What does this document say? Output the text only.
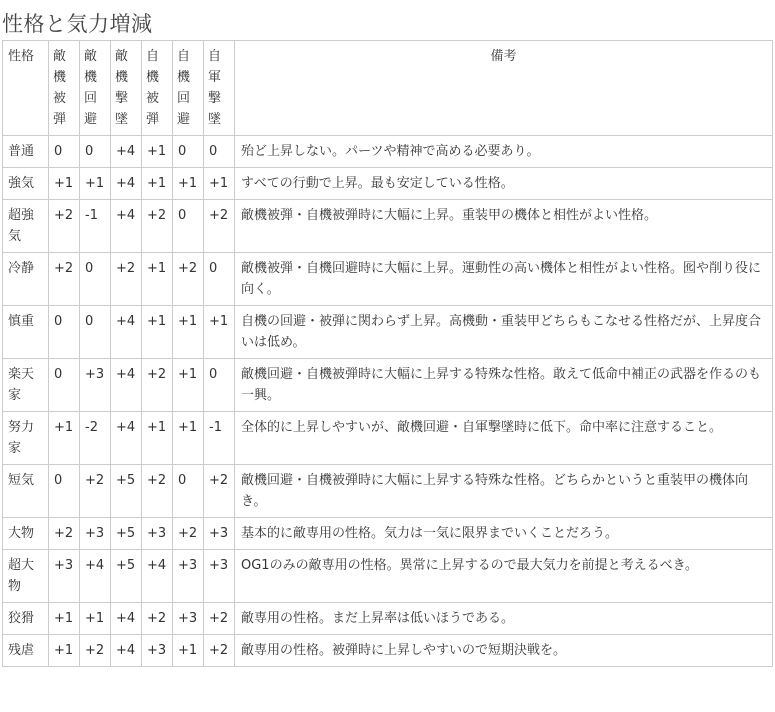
性格と気力増減
性格	敵機被弾	敵機回避	敵機撃墜	自機被弾	自機回避	自軍撃墜	備考
普通	0	0	+4	+1	0	0	殆ど上昇しない。パーツや精神で高める必要あり。
強気	+1	+1	+4	+1	+1	+1	すべての行動で上昇。最も安定している性格。
超強気	+2	-1	+4	+2	0	+2	敵機被弾・自機被弾時に大幅に上昇。重装甲の機体と相性がよい性格。
冷静	+2	0	+2	+1	+2	0	敵機被弾・自機回避時に大幅に上昇。運動性の高い機体と相性がよい性格。囮や削り役に向く。
慎重	0	0	+4	+1	+1	+1	自機の回避・被弾に関わらず上昇。高機動・重装甲どちらもこなせる性格だが、上昇度合いは低め。
楽天家	0	+3	+4	+2	+1	0	敵機回避・自機被弾時に大幅に上昇する特殊な性格。敢えて低命中補正の武器を作るのも一興。
努力家	+1	-2	+4	+1	+1	-1	全体的に上昇しやすいが、敵機回避・自軍撃墜時に低下。命中率に注意すること。
短気	0	+2	+5	+2	0	+2	敵機回避・自機被弾時に大幅に上昇する特殊な性格。どちらかというと重装甲の機体向き。
大物	+2	+3	+5	+3	+2	+3	基本的に敵専用の性格。気力は一気に限界までいくことだろう。
超大物	+3	+4	+5	+4	+3	+3	OG1のみの敵専用の性格。異常に上昇するので最大気力を前提と考えるべき。
狡猾	+1	+1	+4	+2	+3	+2	敵専用の性格。まだ上昇率は低いほうである。
残虐	+1	+2	+4	+3	+1	+2	敵専用の性格。被弾時に上昇しやすいので短期決戦を。
